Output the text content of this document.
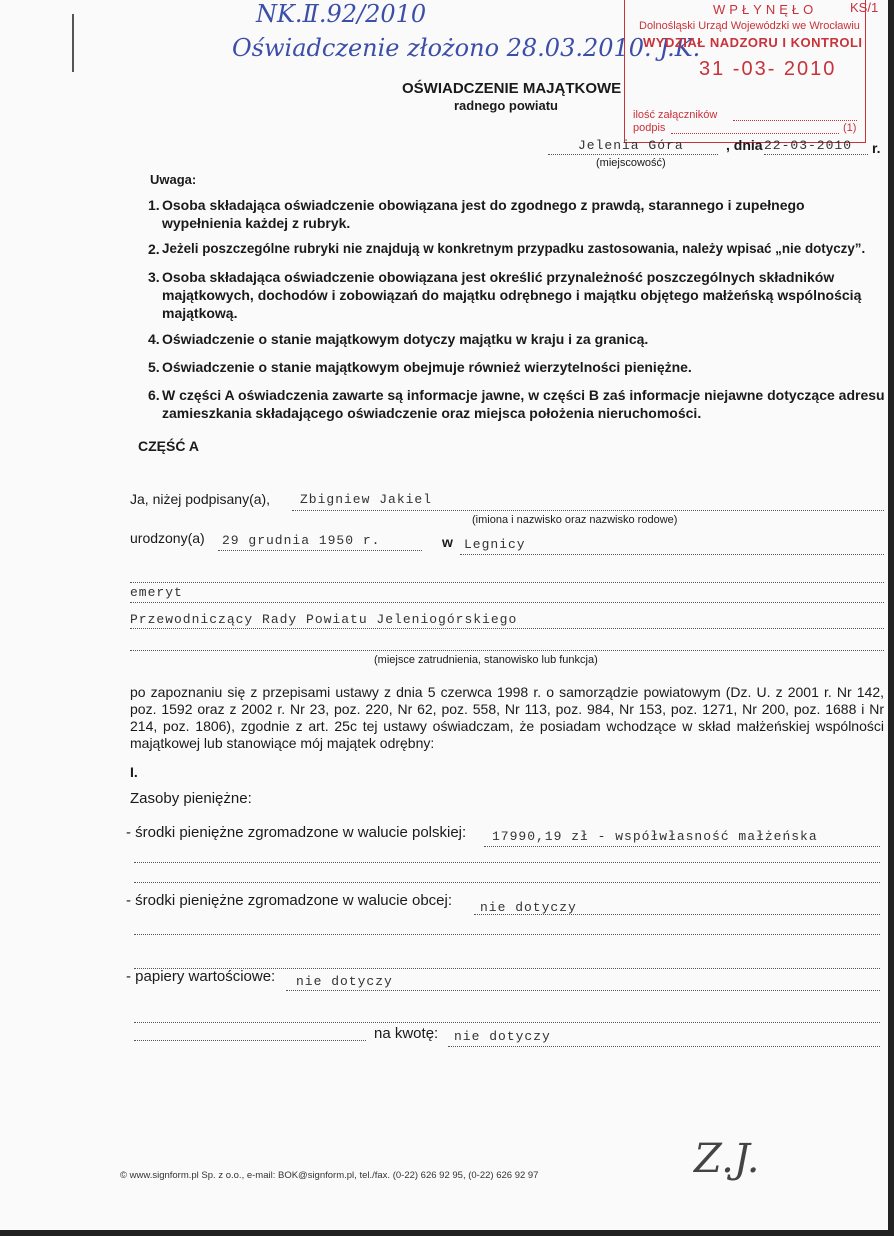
NK.Ⅱ.92/2010
Oświadczenie złożono 28.03.2010. J.K.
WPŁYNĘŁO
Dolnośląski Urząd Wojewódzki we Wrocławiu
WYDZIAŁ NADZORU I KONTROLI
31 -03- 2010
ilość załączników
podpis	(1)
KS/1
OŚWIADCZENIE MAJĄTKOWE
radnego powiatu
Jelenia Góra	, dnia 22-03-2010 r.
(miejscowość)
Uwaga:
1. Osoba składająca oświadczenie obowiązana jest do zgodnego z prawdą, starannego i zupełnego wypełnienia każdej z rubryk.
2. Jeżeli poszczególne rubryki nie znajdują w konkretnym przypadku zastosowania, należy wpisać „nie dotyczy”.
3. Osoba składająca oświadczenie obowiązana jest określić przynależność poszczególnych składników majątkowych, dochodów i zobowiązań do majątku odrębnego i majątku objętego małżeńską wspólnością majątkową.
4. Oświadczenie o stanie majątkowym dotyczy majątku w kraju i za granicą.
5. Oświadczenie o stanie majątkowym obejmuje również wierzytelności pieniężne.
6. W części A oświadczenia zawarte są informacje jawne, w części B zaś informacje niejawne dotyczące adresu zamieszkania składającego oświadczenie oraz miejsca położenia nieruchomości.
CZĘŚĆ A
Ja, niżej podpisany(a), Zbigniew Jakiel
(imiona i nazwisko oraz nazwisko rodowe)
urodzony(a) 29 grudnia 1950 r.	w Legnicy
emeryt
Przewodniczący Rady Powiatu Jeleniogórskiego
(miejsce zatrudnienia, stanowisko lub funkcja)
po zapoznaniu się z przepisami ustawy z dnia 5 czerwca 1998 r. o samorządzie powiatowym (Dz. U. z 2001 r. Nr 142, poz. 1592 oraz z 2002 r. Nr 23, poz. 220, Nr 62, poz. 558, Nr 113, poz. 984, Nr 153, poz. 1271, Nr 200, poz. 1688 i Nr 214, poz. 1806), zgodnie z art. 25c tej ustawy oświadczam, że posiadam wchodzące w skład małżeńskiej wspólności majątkowej lub stanowiące mój majątek odrębny:
I.
Zasoby pieniężne:
- środki pieniężne zgromadzone w walucie polskiej: 17990,19 zł - współwłasność małżeńska
- środki pieniężne zgromadzone w walucie obcej: nie dotyczy
- papiery wartościowe: nie dotyczy
na kwotę: nie dotyczy
© www.signform.pl Sp. z o.o., e-mail: BOK@signform.pl, tel./fax. (0-22) 626 92 95, (0-22) 626 92 97	Z.J.
